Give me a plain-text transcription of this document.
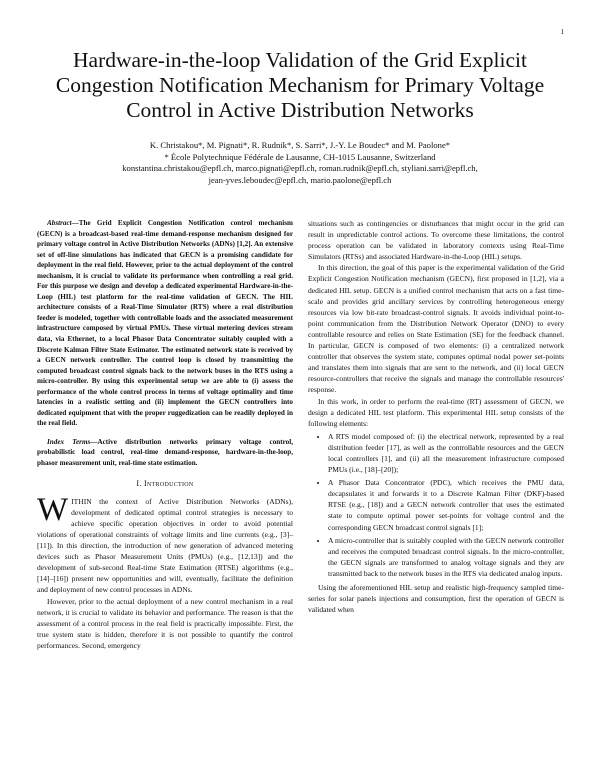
1
Hardware-in-the-loop Validation of the Grid Explicit Congestion Notification Mechanism for Primary Voltage Control in Active Distribution Networks
K. Christakou*, M. Pignati*, R. Rudnik*, S. Sarri*, J.-Y. Le Boudec* and M. Paolone*
* École Polytechnique Fédérale de Lausanne, CH-1015 Lausanne, Switzerland
konstantina.christakou@epfl.ch, marco.pignati@epfl.ch, roman.rudnik@epfl.ch, styliani.sarri@epfl.ch,
jean-yves.leboudec@epfl.ch, mario.paolone@epfl.ch

Abstract—The Grid Explicit Congestion Notification control mechanism (GECN) is a broadcast-based real-time demand-response mechanism designed for primary voltage control in Active Distribution Networks (ADNs) [1,2]. An extensive set of off-line simulations has indicated that GECN is a promising candidate for deployment in the real field. However, prior to the actual deployment of the control mechanism, it is crucial to validate its performance when controlling a real grid. For this purpose we design and develop a dedicated experimental Hardware-in-the-Loop (HIL) test platform for the real-time validation of GECN. The HIL architecture consists of a Real-Time Simulator (RTS) where a real distribution feeder is modeled, together with controllable loads and the associated measurement infrastructure composed by virtual PMUs. These virtual metering devices stream data, via Ethernet, to a local Phasor Data Concentrator suitably coupled with a Discrete Kalman Filter State Estimator. The estimated network state is received by a GECN network controller. The control loop is closed by transmitting the computed broadcast control signals back to the network buses in the RTS using a micro-controller. By using this experimental setup we are able to (i) assess the performance of the whole control process in terms of voltage optimality and time latencies in a realistic setting and (ii) implement the GECN controllers into dedicated equipment that with the proper ruggedization can be readily deployed in the real field.

Index Terms—Active distribution networks primary voltage control, probabilistic load control, real-time demand-response, hardware-in-the-loop, phasor measurement unit, real-time state estimation.

I. Introduction

WITHIN the context of Active Distribution Networks (ADNs), development of dedicated optimal control strategies is necessary to achieve specific operation objectives in order to avoid potential violations of operational constraints of voltage limits and line currents (e.g., [3]–[11]). In this direction, the introduction of new generation of advanced metering devices such as Phasor Measurement Units (PMUs) (e.g., [12,13]) and the development of sub-second Real-time State Estimation (RTSE) algorithms (e.g., [14]–[16]) present new opportunities and will, eventually, facilitate the definition and deployment of new control processes in ADNs.

However, prior to the actual deployment of a new control mechanism in a real network, it is crucial to validate its behavior and performance. The reason is that the assessment of a control process in the real field is practically impossible. First, the true system state is hidden, therefore it is not possible to quantify the control performances. Second, emergency

situations such as contingencies or disturbances that might occur in the grid can result in unpredictable control actions. To overcome these limitations, the control process operation can be validated in laboratory contexts using Real-Time Simulators (RTSs) and associated Hardware-in-the-Loop (HIL) setups.

In this direction, the goal of this paper is the experimental validation of the Grid Explicit Congestion Notification mechanism (GECN), first proposed in [1,2], via a dedicated HIL setup. GECN is a unified control mechanism that acts on a fast time-scale and provides grid ancillary services by controlling heterogeneous energy resources via low bit-rate broadcast-control signals. It avoids individual point-to-point communication from the Distribution Network Operator (DNO) to every controllable resource and relies on State Estimation (SE) for the feedback channel. In particular, GECN is composed of two elements: (i) a centralized network controller that observes the system state, computes optimal nodal power set-points and translates them into signals that are sent to the network, and (ii) local GECN resource-controllers that receive the signals and manage the controllable resources' response.

In this work, in order to perform the real-time (RT) assessment of GECN, we design a dedicated HIL test platform. This experimental HIL setup consists of the following elements:

• A RTS model composed of: (i) the electrical network, represented by a real distribution feeder [17], as well as the controllable resources and the GECN local controllers [1], and (ii) all the measurement infrastructure composed PMUs (i.e., [18]–[20]);
• A Phasor Data Concentrator (PDC), which receives the PMU data, decapsulates it and forwards it to a Discrete Kalman Filter (DKF)-based RTSE (e.g., [18]) and a GECN network controller that uses the estimated state to compute optimal power set-points for voltage control and the corresponding GECN broadcast control signals [1];
• A micro-controller that is suitably coupled with the GECN network controller and receives the computed broadcast control signals. In the micro-controller, the GECN signals are transformed to analog voltage signals and they are transmitted back to the network buses in the RTS via dedicated analog inputs.

Using the aforementioned HIL setup and realistic high-frequency sampled time-series for solar panels injections and consumption, first the operation of GECN is validated when
